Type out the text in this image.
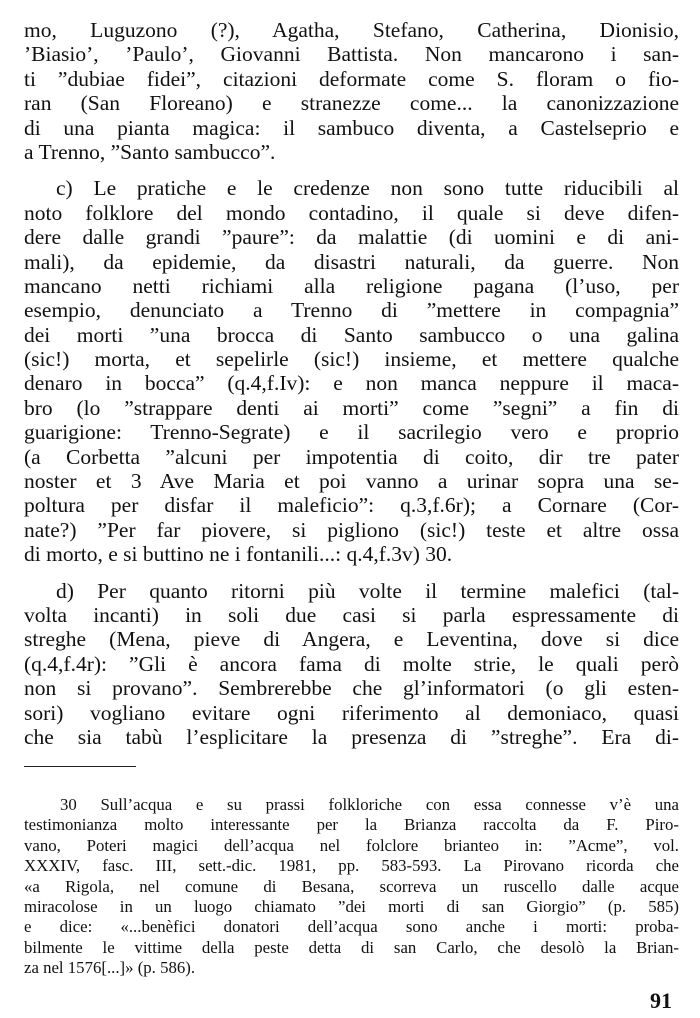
mo, Luguzono (?), Agatha, Stefano, Catherina, Dionisio,
’Biasio’, ’Paulo’, Giovanni Battista. Non mancarono i san-
ti ”dubiae fidei”, citazioni deformate come S. floram o fio-
ran (San Floreano) e stranezze come... la canonizzazione
di una pianta magica: il sambuco diventa, a Castelseprio e
a Trenno, ”Santo sambucco”.
c) Le pratiche e le credenze non sono tutte riducibili al
noto folklore del mondo contadino, il quale si deve difen-
dere dalle grandi ”paure”: da malattie (di uomini e di ani-
mali), da epidemie, da disastri naturali, da guerre. Non
mancano netti richiami alla religione pagana (l’uso, per
esempio, denunciato a Trenno di ”mettere in compagnia”
dei morti ”una brocca di Santo sambucco o una galina
(sic!) morta, et sepelirle (sic!) insieme, et mettere qualche
denaro in bocca” (q.4,f.Iv): e non manca neppure il maca-
bro (lo ”strappare denti ai morti” come ”segni” a fin di
guarigione: Trenno-Segrate) e il sacrilegio vero e proprio
(a Corbetta ”alcuni per impotentia di coito, dir tre pater
noster et 3 Ave Maria et poi vanno a urinar sopra una se-
poltura per disfar il maleficio”: q.3,f.6r); a Cornare (Cor-
nate?) ”Per far piovere, si pigliono (sic!) teste et altre ossa
di morto, e si buttino ne i fontanili...: q.4,f.3v) 30.
d) Per quanto ritorni più volte il termine malefici (tal-
volta incanti) in soli due casi si parla espressamente di
streghe (Mena, pieve di Angera, e Leventina, dove si dice
(q.4,f.4r): ”Gli è ancora fama di molte strie, le quali però
non si provano”. Sembrerebbe che gl’informatori (o gli esten-
sori) vogliano evitare ogni riferimento al demoniaco, quasi
che sia tabù l’esplicitare la presenza di ”streghe”. Era di-
30 Sull’acqua e su prassi folkloriche con essa connesse v’è una
testimonianza molto interessante per la Brianza raccolta da F. Piro-
vano, Poteri magici dell’acqua nel folclore brianteo in: ”Acme”, vol.
XXXIV, fasc. III, sett.-dic. 1981, pp. 583-593. La Pirovano ricorda che
«a Rigola, nel comune di Besana, scorreva un ruscello dalle acque
miracolose in un luogo chiamato ”dei morti di san Giorgio” (p. 585)
e dice: «...benèfici donatori dell’acqua sono anche i morti: proba-
bilmente le vittime della peste detta di san Carlo, che desolò la Brian-
za nel 1576[...]» (p. 586).
91
